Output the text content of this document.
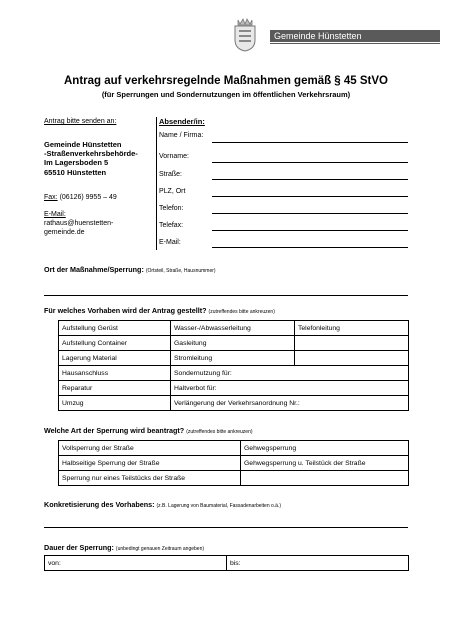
Gemeinde Hünstetten
Antrag auf verkehrsregelnde Maßnahmen gemäß § 45 StVO
(für Sperrungen und Sondernutzungen im öffentlichen Verkehrsraum)
Antrag bitte senden an:
Gemeinde Hünstetten
-Straßenverkehrsbehörde-
Im Lagersboden 5
65510 Hünstetten
Fax: (06126) 9955 – 49
E-Mail:
rathaus@huenstetten-
gemeinde.de
Absender/in:
Name / Firma:
Vorname:
Straße:
PLZ, Ort
Telefon:
Telefax:
E-Mail:
Ort der Maßnahme/Sperrung: (Ortsteil, Straße, Hausnummer)
Für welches Vorhaben wird der Antrag gestellt? (zutreffendes bitte ankreuzen)
Aufstellung Gerüst	Wasser-/Abwasserleitung	Telefonleitung
Aufstellung Container	Gasleitung	
Lagerung Material	Stromleitung	
Hausanschluss	Sondernutzung für:	
Reparatur	Haltverbot für:	
Umzug	Verlängerung der Verkehrsanordnung Nr.:	
Welche Art der Sperrung wird beantragt? (zutreffendes bitte ankreuzen)
Vollsperrung der Straße	Gehwegsperrung
Halbseitige Sperrung der Straße	Gehwegsperrung u. Teilstück der Straße
Sperrung nur eines Teilstücks der Straße	
Konkretisierung des Vorhabens: (z.B. Lagerung von Baumaterial, Fassadenarbeiten o.ä.)
Dauer der Sperrung: (unbedingt genauen Zeitraum angeben)
von:	bis:
